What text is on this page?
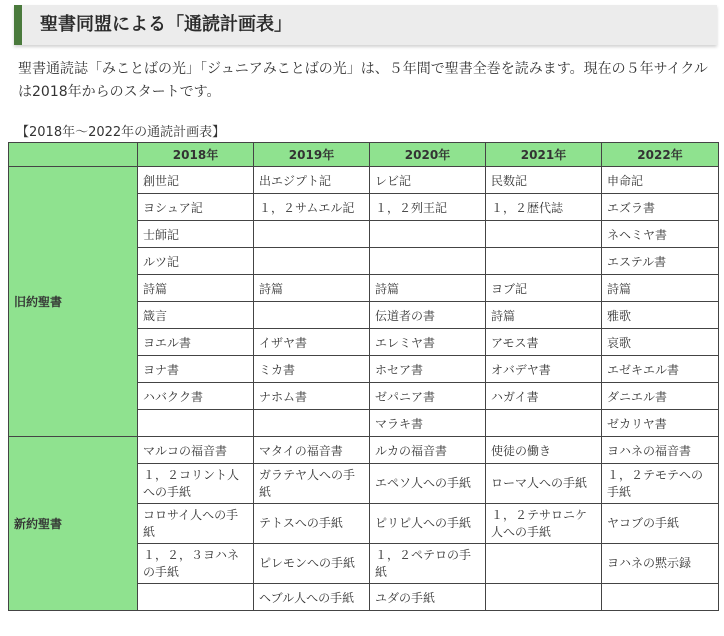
聖書同盟による「通読計画表」

聖書通読誌「みことばの光」「ジュニアみことばの光」は、５年間で聖書全巻を読みます。現在の５年サイクルは2018年からのスタートです。

【2018年～2022年の通読計画表】
	2018年	2019年	2020年	2021年	2022年
旧約聖書	創世記	出エジプト記	レビ記	民数記	申命記
	ヨシュア記	１，２サムエル記	１，２列王記	１，２歴代誌	エズラ書
	士師記				ネヘミヤ書
	ルツ記				エステル書
	詩篇	詩篇	詩篇	ヨブ記	詩篇
	箴言		伝道者の書	詩篇	雅歌
	ヨエル書	イザヤ書	エレミヤ書	アモス書	哀歌
	ヨナ書	ミカ書	ホセア書	オバデヤ書	エゼキエル書
	ハバクク書	ナホム書	ゼパニア書	ハガイ書	ダニエル書
			マラキ書		ゼカリヤ書
新約聖書	マルコの福音書	マタイの福音書	ルカの福音書	使徒の働き	ヨハネの福音書
	１，２コリント人への手紙	ガラテヤ人への手紙	エペソ人への手紙	ローマ人への手紙	１，２テモテへの手紙
	コロサイ人への手紙	テトスへの手紙	ピリピ人への手紙	１，２テサロニケ人への手紙	ヤコブの手紙
	１，２，３ヨハネの手紙	ピレモンへの手紙	１，２ペテロの手紙		ヨハネの黙示録
		ヘブル人への手紙	ユダの手紙		
